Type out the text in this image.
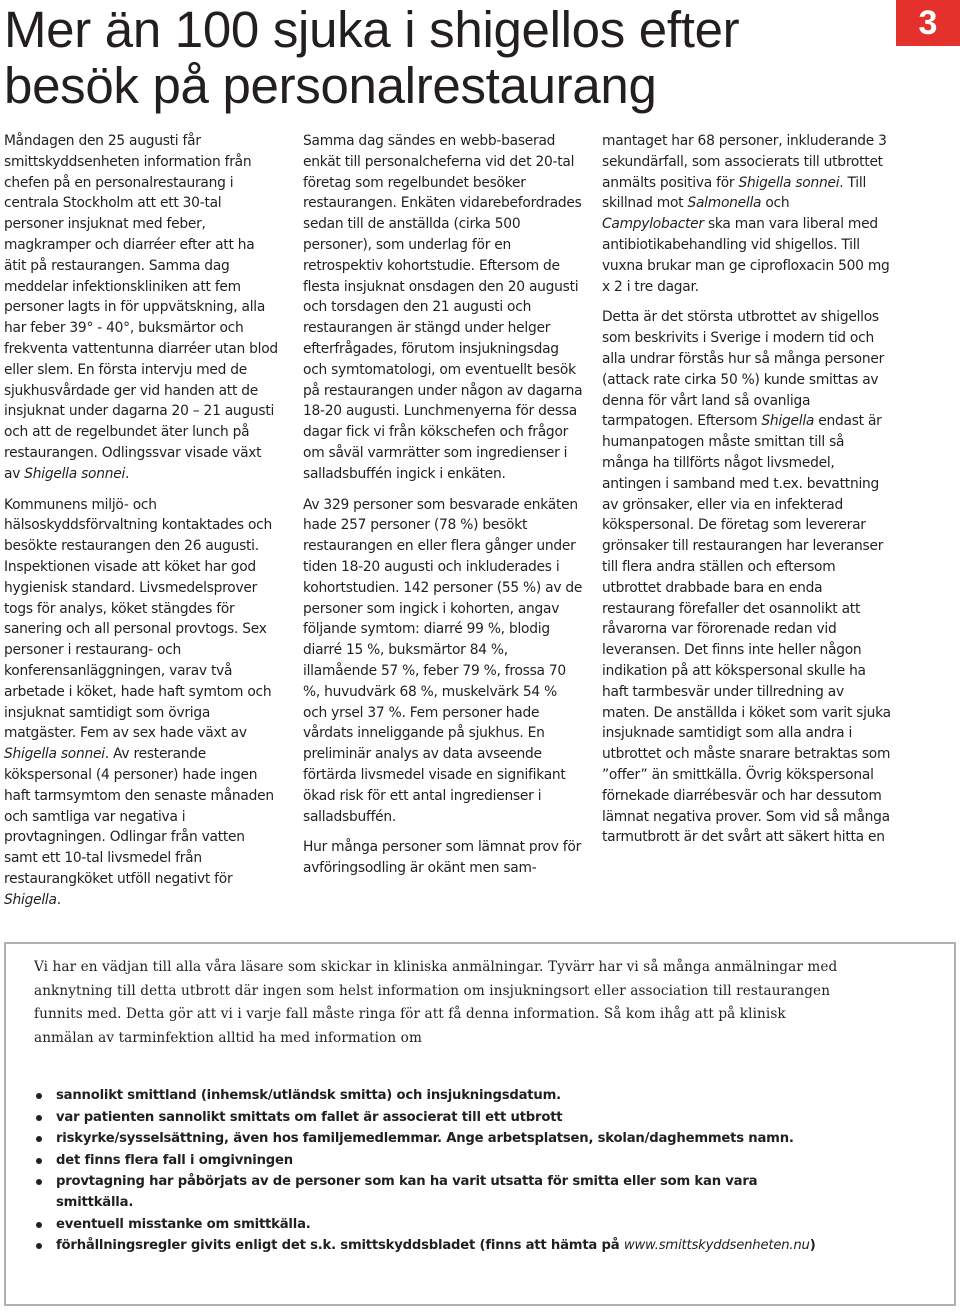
Mer än 100 sjuka i shigellos efter
besök på personalrestaurang
3

Måndagen den 25 augusti får smittskyddsenheten information från chefen på en personalrestaurang i centrala Stockholm att ett 30-tal personer insjuknat med feber, magkramper och diarréer efter att ha ätit på restaurangen. Samma dag meddelar infektionskliniken att fem personer lagts in för uppvätskning, alla har feber 39° - 40°, buksmärtor och frekventa vattentunna diarréer utan blod eller slem. En första intervju med de sjukhusvårdade ger vid handen att de insjuknat under dagarna 20 – 21 augusti och att de regelbundet äter lunch på restaurangen. Odlingssvar visade växt av Shigella sonnei.

Kommunens miljö- och hälsoskyddsförvaltning kontaktades och besökte restaurangen den 26 augusti. Inspektionen visade att köket har god hygienisk standard. Livsmedelsprover togs för analys, köket stängdes för sanering och all personal provtogs. Sex personer i restaurang- och konferensanläggningen, varav två arbetade i köket, hade haft symtom och insjuknat samtidigt som övriga matgäster. Fem av sex hade växt av Shigella sonnei. Av resterande kökspersonal (4 personer) hade ingen haft tarmsymtom den senaste månaden och samtliga var negativa i provtagningen. Odlingar från vatten samt ett 10-tal livsmedel från restaurangköket utföll negativt för Shigella.

Samma dag sändes en webb-baserad enkät till personalcheferna vid det 20-tal företag som regelbundet besöker restaurangen. Enkäten vidarebefordrades sedan till de anställda (cirka 500 personer), som underlag för en retrospektiv kohortstudie. Eftersom de flesta insjuknat onsdagen den 20 augusti och torsdagen den 21 augusti och restaurangen är stängd under helger efterfrågades, förutom insjukningsdag och symtomatologi, om eventuellt besök på restaurangen under någon av dagarna 18-20 augusti. Lunchmenyerna för dessa dagar fick vi från kökschefen och frågor om såväl varmrätter som ingredienser i salladsbuffén ingick i enkäten.

Av 329 personer som besvarade enkäten hade 257 personer (78 %) besökt restaurangen en eller flera gånger under tiden 18-20 augusti och inkluderades i kohortstudien. 142 personer (55 %) av de personer som ingick i kohorten, angav följande symtom: diarré 99 %, blodig diarré 15 %, buksmärtor 84 %, illamående 57 %, feber 79 %, frossa 70 %, huvudvärk 68 %, muskelvärk 54 % och yrsel 37 %. Fem personer hade vårdats inneliggande på sjukhus. En preliminär analys av data avseende förtärda livsmedel visade en signifikant ökad risk för ett antal ingredienser i salladsbuffén.

Hur många personer som lämnat prov för avföringsodling är okänt men sam-

mantaget har 68 personer, inkluderande 3 sekundärfall, som associerats till utbrottet anmälts positiva för Shigella sonnei. Till skillnad mot Salmonella och Campylobacter ska man vara liberal med antibiotikabehandling vid shigellos. Till vuxna brukar man ge ciprofloxacin 500 mg x 2 i tre dagar.

Detta är det största utbrottet av shigellos som beskrivits i Sverige i modern tid och alla undrar förstås hur så många personer (attack rate cirka 50 %) kunde smittas av denna för vårt land så ovanliga tarmpatogen. Eftersom Shigella endast är humanpatogen måste smittan till så många ha tillförts något livsmedel, antingen i samband med t.ex. bevattning av grönsaker, eller via en infekterad kökspersonal. De företag som levererar grönsaker till restaurangen har leveranser till flera andra ställen och eftersom utbrottet drabbade bara en enda restaurang förefaller det osannolikt att råvarorna var förorenade redan vid leveransen. Det finns inte heller någon indikation på att kökspersonal skulle ha haft tarmbesvär under tillredning av maten. De anställda i köket som varit sjuka insjuknade samtidigt som alla andra i utbrottet och måste snarare betraktas som ”offer” än smittkälla. Övrig kökspersonal förnekade diarrébesvär och har dessutom lämnat negativa prover. Som vid så många tarmutbrott är det svårt att säkert hitta en

Vi har en vädjan till alla våra läsare som skickar in kliniska anmälningar. Tyvärr har vi så många anmälningar med anknytning till detta utbrott där ingen som helst information om insjukningsort eller association till restaurangen funnits med. Detta gör att vi i varje fall måste ringa för att få denna information. Så kom ihåg att på klinisk anmälan av tarminfektion alltid ha med information om

sannolikt smittland (inhemsk/utländsk smitta) och insjukningsdatum.
var patienten sannolikt smittats om fallet är associerat till ett utbrott
riskyrke/sysselsättning, även hos familjemedlemmar. Ange arbetsplatsen, skolan/daghemmets namn.
det finns flera fall i omgivningen
provtagning har påbörjats av de personer som kan ha varit utsatta för smitta eller som kan vara smittkälla.
eventuell misstanke om smittkälla.
förhållningsregler givits enligt det s.k. smittskyddsbladet (finns att hämta på www.smittskyddsenheten.nu)
